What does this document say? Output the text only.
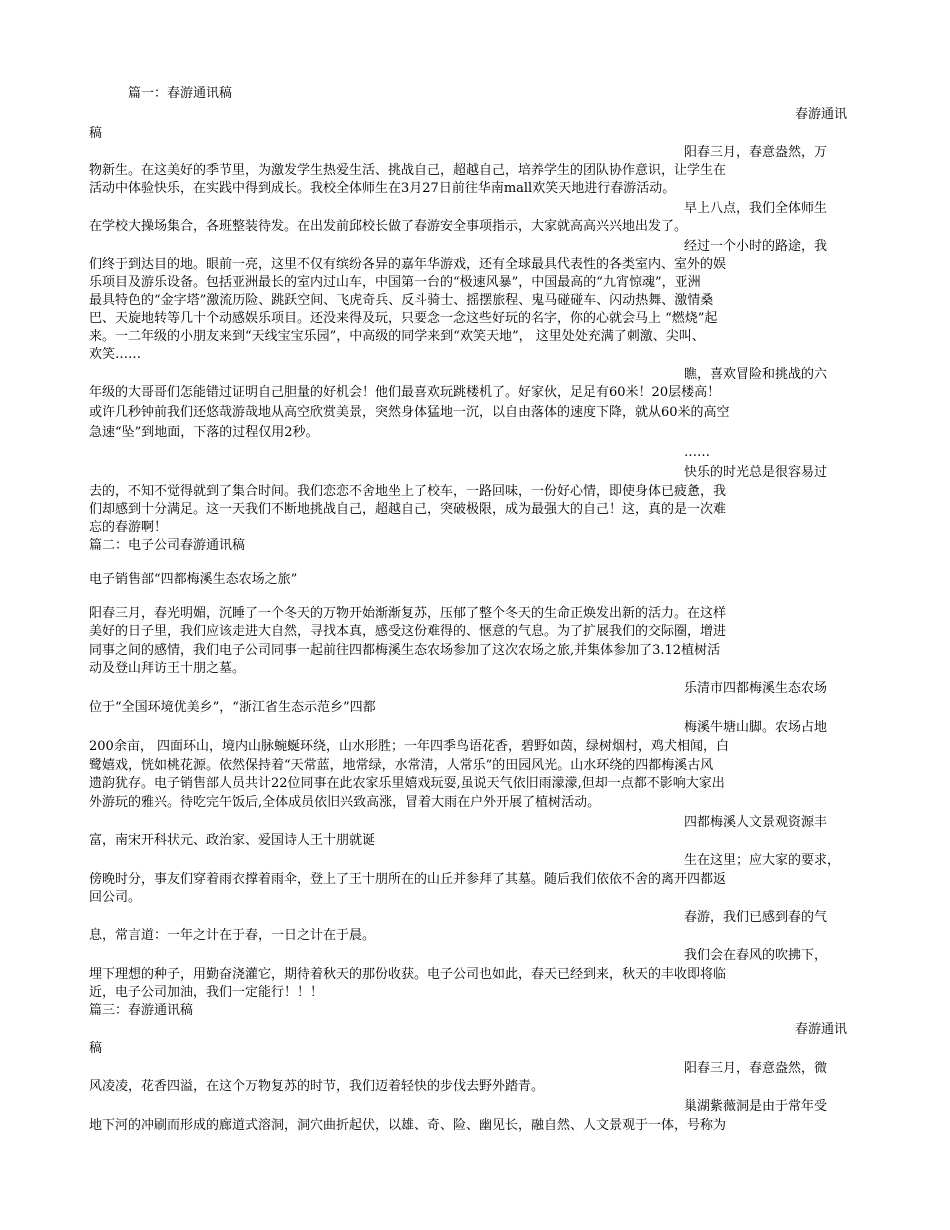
篇一：春游通讯稿
春游通讯
稿
阳春三月，春意盎然，万
物新生。在这美好的季节里，为激发学生热爱生活、挑战自己，超越自己，培养学生的团队协作意识，让学生在
活动中体验快乐，在实践中得到成长。我校全体师生在3月27日前往华南mall欢笑天地进行春游活动。
早上八点，我们全体师生
在学校大操场集合，各班整装待发。在出发前邱校长做了春游安全事项指示，大家就高高兴兴地出发了。
经过一个小时的路途，我
们终于到达目的地。眼前一亮，这里不仅有缤纷各异的嘉年华游戏，还有全球最具代表性的各类室内、室外的娱
乐项目及游乐设备。包括亚洲最长的室内过山车，中国第一台的“极速风暴”，中国最高的“九宵惊魂”，亚洲
最具特色的“金字塔”激流历险、跳跃空间、飞虎奇兵、反斗骑士、摇摆旅程、鬼马碰碰车、闪动热舞、激情桑
巴、天旋地转等几十个动感娱乐项目。还没来得及玩，只要念一念这些好玩的名字，你的心就会马上 “燃烧”起
来。一二年级的小朋友来到“天线宝宝乐园”，中高级的同学来到“欢笑天地”， 这里处处充满了刺激、尖叫、
欢笑……
瞧，喜欢冒险和挑战的六
年级的大哥哥们怎能错过证明自己胆量的好机会！他们最喜欢玩跳楼机了。好家伙，足足有60米！20层楼高！
或许几秒钟前我们还悠哉游哉地从高空欣赏美景，突然身体猛地一沉，以自由落体的速度下降，就从60米的高空
急速“坠”到地面，下落的过程仅用2秒。
……
快乐的时光总是很容易过
去的，不知不觉得就到了集合时间。我们恋恋不舍地坐上了校车，一路回味，一份好心情，即使身体已疲惫，我
们却感到十分满足。这一天我们不断地挑战自己，超越自己，突破极限，成为最强大的自己！这，真的是一次难
忘的春游啊！
篇二：电子公司春游通讯稿
电子销售部“四都梅溪生态农场之旅”
阳春三月，春光明媚，沉睡了一个冬天的万物开始渐渐复苏，压郁了整个冬天的生命正焕发出新的活力。在这样
美好的日子里，我们应该走进大自然，寻找本真，感受这份难得的、惬意的气息。为了扩展我们的交际圈，增进
同事之间的感情，我们电子公司同事一起前往四都梅溪生态农场参加了这次农场之旅,并集体参加了3.12植树活
动及登山拜访王十朋之墓。
乐清市四都梅溪生态农场
位于“全国环境优美乡”，“浙江省生态示范乡”四都
梅溪牛塘山脚。农场占地
200余亩， 四面环山，境内山脉蜿蜒环绕，山水形胜；一年四季鸟语花香，碧野如茵，绿树烟村，鸡犬相闻，白
鹭嬉戏，恍如桃花源。依然保持着“天常蓝，地常绿，水常清，人常乐”的田园风光。山水环绕的四都梅溪古风
遗韵犹存。电子销售部人员共计22位同事在此农家乐里嬉戏玩耍,虽说天气依旧雨濛濛,但却一点都不影响大家出
外游玩的雅兴。待吃完午饭后,全体成员依旧兴致高涨，冒着大雨在户外开展了植树活动。
四都梅溪人文景观资源丰
富，南宋开科状元、政治家、爱国诗人王十朋就诞
生在这里；应大家的要求，
傍晚时分，事友们穿着雨衣撑着雨伞，登上了王十朋所在的山丘并参拜了其墓。随后我们依依不舍的离开四都返
回公司。
春游，我们已感到春的气
息，常言道：一年之计在于春，一日之计在于晨。
我们会在春风的吹拂下，
埋下理想的种子，用勤奋浇灌它，期待着秋天的那份收获。电子公司也如此，春天已经到来，秋天的丰收即将临
近，电子公司加油，我们一定能行！！！
篇三：春游通讯稿
春游通讯
稿
阳春三月，春意盎然，微
风凌凌，花香四溢，在这个万物复苏的时节，我们迈着轻快的步伐去野外踏青。
巢湖紫薇洞是由于常年受
地下河的冲刷而形成的廊道式溶洞，洞穴曲折起伏，以雄、奇、险、幽见长，融自然、人文景观于一体，号称为
